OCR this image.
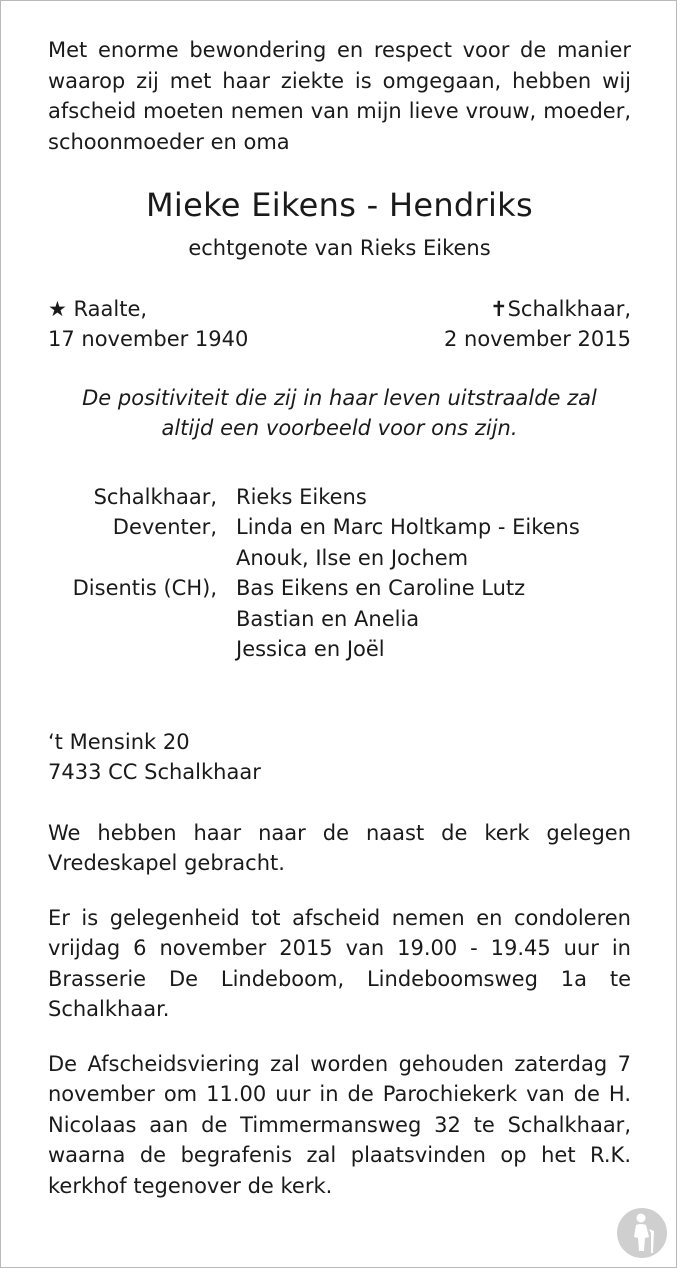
Met enorme bewondering en respect voor de manier waarop zij met haar ziekte is omgegaan, hebben wij afscheid moeten nemen van mijn lieve vrouw, moeder, schoonmoeder en oma

Mieke Eikens - Hendriks

echtgenote van Rieks Eikens

★ Raalte,
17 november 1940
✝Schalkhaar,
2 november 2015
De positiviteit die zij in haar leven uitstraalde zal
altijd een voorbeeld voor ons zijn.
Schalkhaar, Rieks Eikens
Deventer, Linda en Marc Holtkamp - Eikens
Anouk, Ilse en Jochem
Disentis (CH), Bas Eikens en Caroline Lutz
Bastian en Anelia
Jessica en Joël
‘t Mensink 20
7433 CC Schalkhaar

We hebben haar naar de naast de kerk gelegen Vredeskapel gebracht.

Er is gelegenheid tot afscheid nemen en condoleren vrijdag 6 november 2015 van 19.00 - 19.45 uur in Brasserie De Lindeboom, Lindeboomsweg 1a te Schalkhaar.

De Afscheidsviering zal worden gehouden zaterdag 7 november om 11.00 uur in de Parochiekerk van de H. Nicolaas aan de Timmermansweg 32 te Schalkhaar, waarna de begrafenis zal plaatsvinden op het R.K. kerkhof tegenover de kerk.
